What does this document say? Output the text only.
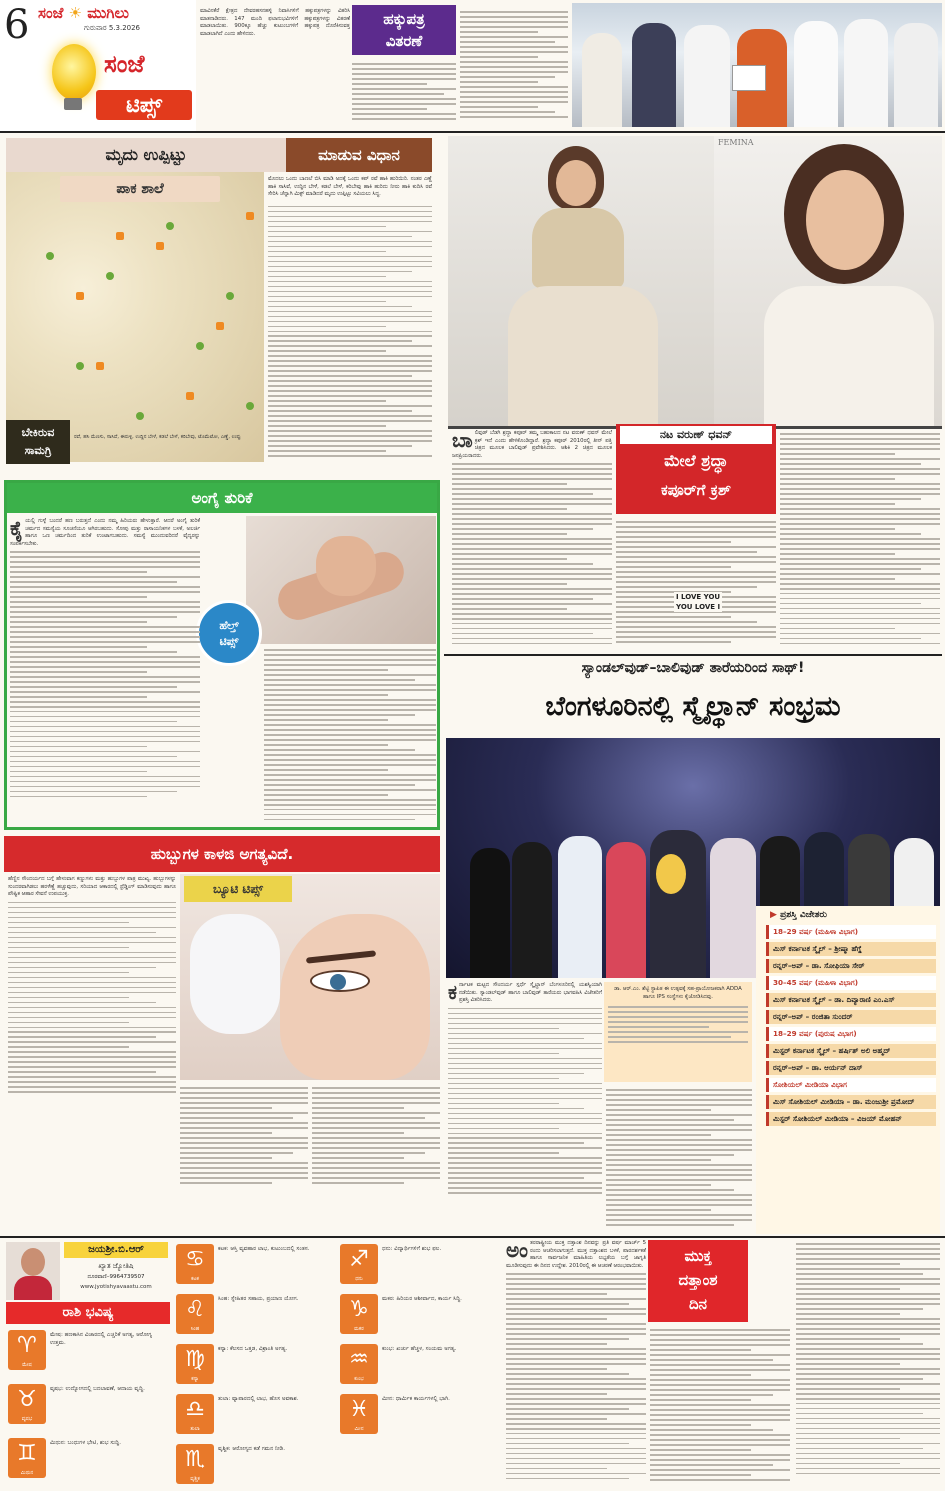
6 ಸಂಜೆ ☀ ಮುಗಿಲು
ಗುರುವಾರ 5.3.2026
ಸಂಜೆ
ಟಿಪ್ಸ್
ಮಾವಿನಕೆರೆ ಕ್ಷೇತ್ರದ ದೇವರಹಸನಹಳ್ಳಿ ನಿವಾಸಿಗಳಿಗೆ ಹಕ್ಕುಪತ್ರಗಳನ್ನು ವಿತರಿಸಿ ಮಾತನಾಡಿದರು. 147 ಮಂದಿ ಫಲಾನುಭವಿಗಳಿಗೆ ಹಕ್ಕುಪತ್ರಗಳನ್ನು ವಿತರಣೆ ಮಾಡಲಾಯಿತು. 900ಕ್ಕೂ ಹೆಚ್ಚು ಕುಟುಂಬಗಳಿಗೆ ಹಕ್ಕುಪತ್ರ ದೊರೆಕಿಸುವತ್ತ ಮಾಡಲಾಗಿದೆ ಎಂದು ಹೇಳಿದರು.
ಹಕ್ಕುಪತ್ರ
ವಿತರಣೆ
ಮೃದು ಉಪ್ಪಿಟ್ಟು	ಮಾಡುವ ವಿಧಾನ
ಪಾಕ ಶಾಲೆ
ಬೇಕಿರುವ
ಸಾಮಗ್ರಿ
ರವೆ, ಹಸಿ ಮೆಣಸು, ಸಾಸಿವೆ, ಈರುಳ್ಳಿ, ಉದ್ದಿನ ಬೇಳೆ, ಕಡಲೆ ಬೇಳೆ, ಕರಿಬೇವು, ಟೊಮೆಟೋ, ಎಣ್ಣೆ, ಉಪ್ಪು
ಮೊದಲು ಒಂದು ಬಾಣಲೆ ಬಿಸಿ ಮಾಡಿ ಅದಕ್ಕೆ ಒಂದು ಕಪ್ ರವೆ ಹಾಕಿ ಹುರಿಯಿರಿ. ನಂತರ ಎಣ್ಣೆ ಹಾಕಿ ಸಾಸಿವೆ, ಉದ್ದಿನ ಬೇಳೆ, ಕಡಲೆ ಬೇಳೆ, ಕರಿಬೇವು ಹಾಕಿ ಹುರಿದು ನೀರು ಹಾಕಿ ಕುದಿಸಿ ರವೆ ಸೇರಿಸಿ ಚೆನ್ನಾಗಿ ಮಿಕ್ಸ್ ಮಾಡಿದರೆ ಮೃದು ಉಪ್ಪಿಟ್ಟು ಸವಿಯಲು ಸಿದ್ಧ.
FEMINA
ನಟ ವರುಣ್ ಧವನ್
ಮೇಲೆ ಶ್ರದ್ಧಾ
ಕಪೂರ್‌ಗೆ ಕ್ರಶ್
ಬಾಲಿವುಡ್ ಬೆಡಗಿ ಶ್ರದ್ಧಾ ಕಪೂರ್ ತಮ್ಮ ಬಹುಕಾಲದ ನಟ ವರುಣ್ ಧವನ್ ಮೇಲೆ ಕ್ರಶ್ ಇದೆ ಎಂದು ಹೇಳಿಕೊಂಡಿದ್ದಾರೆ. ಶ್ರದ್ಧಾ ಕಪೂರ್ 2010ರಲ್ಲಿ ತೀನ್ ಪತ್ತಿ ಚಿತ್ರದ ಮೂಲಕ ಬಾಲಿವುಡ್ ಪ್ರವೇಶಿಸಿದರು. ಆಶಿಕಿ 2 ಚಿತ್ರದ ಮೂಲಕ ಜನಪ್ರಿಯರಾದರು.
I LOVE YOU
YOU LOVE I
ಅಂಗೈ ತುರಿಕೆ
ಹೆಲ್ತ್
ಟಿಪ್ಸ್
ಕೈಯಲ್ಲಿ ಗುಳ್ಳೆ ಬಂದರೆ ಹಣ ಬರುತ್ತದೆ ಎಂದು ನಮ್ಮ ಹಿರಿಯರು ಹೇಳುತ್ತಾರೆ. ಆದರೆ ಅಂಗೈ ತುರಿಕೆ ಚರ್ಮದ ಸಮಸ್ಯೆಯ ಸೂಚನೆಯೂ ಆಗಿರಬಹುದು. ಸೋಪು ಮತ್ತು ರಾಸಾಯನಿಕಗಳ ಬಳಕೆ, ಅಲರ್ಜಿ ಹಾಗೂ ಒಣ ಚರ್ಮದಿಂದ ತುರಿಕೆ ಉಂಟಾಗಬಹುದು. ಸಮಸ್ಯೆ ಮುಂದುವರಿದರೆ ವೈದ್ಯರನ್ನು ಸಂಪರ್ಕಿಸಬೇಕು.
ಹುಬ್ಬುಗಳ ಕಾಳಜಿ ಅಗತ್ಯವಿದೆ.
ಬ್ಯೂಟಿ ಟಿಪ್ಸ್
ಹೆಣ್ಣಿನ ಸೌಂದರ್ಯದ ಬಗ್ಗೆ ಹೇಳುವಾಗ ಕಣ್ಣುಗಳು ಮತ್ತು ಹುಬ್ಬುಗಳ ಪಾತ್ರ ಮುಖ್ಯ. ಹುಬ್ಬುಗಳನ್ನು ಸುಂದರವಾಗಿಡಲು ಹರಳೆಣ್ಣೆ ಹಚ್ಚುವುದು, ಸರಿಯಾದ ಆಕಾರದಲ್ಲಿ ಥ್ರೆಡ್ಡಿಂಗ್ ಮಾಡಿಸುವುದು ಹಾಗೂ ಪೌಷ್ಟಿಕ ಆಹಾರ ಸೇವನೆ ಉಪಯುಕ್ತ.
ಸ್ಯಾಂಡಲ್‌ವುಡ್–ಬಾಲಿವುಡ್ ತಾರೆಯರಿಂದ ಸಾಥ್!
ಬೆಂಗಳೂರಿನಲ್ಲಿ ಸ್ಮೈಲ್ಥಾನ್ ಸಂಭ್ರಮ
ಕರ್ನಾಟಕ ಮಟ್ಟದ ಸೌಂದರ್ಯ ಸ್ಪರ್ಧೆ ಸ್ಮೈಲ್ಥಾನ್ ಬೆಂಗಳೂರಿನಲ್ಲಿ ಯಶಸ್ವಿಯಾಗಿ ನಡೆಯಿತು. ಸ್ಯಾಂಡಲ್‌ವುಡ್ ಹಾಗೂ ಬಾಲಿವುಡ್ ತಾರೆಯರು ಭಾಗವಹಿಸಿ ವಿಜೇತರಿಗೆ ಪ್ರಶಸ್ತಿ ವಿತರಿಸಿದರು.
ಡಾ. ಆರ್.ಎಂ. ಶೆಟ್ಟಿ ಸ್ಥಾಪಿತ ಈ ಉತ್ಸವಕ್ಕೆ ಸಹ-ಪ್ರಾಯೋಜಕರಾಗಿ ADDA ಹಾಗೂ IPS ಸಂಸ್ಥೆಗಳು ಕೈಜೋಡಿಸಿದವು.
▶ ಪ್ರಶಸ್ತಿ ವಿಜೇತರು
18–29 ವರ್ಷ (ಮಹಿಳಾ ವಿಭಾಗ)
ಮಿಸ್ ಕರ್ನಾಟಕ ಸ್ಮೈಲ್ – ಶ್ರೀಷ್ಮಾ ಹೆಗ್ಡೆ
ರನ್ನರ್–ಅಪ್ – ಡಾ. ಸೋಫಿಯಾ ಸೇಠ್
30–45 ವರ್ಷ (ಮಹಿಳಾ ವಿಭಾಗ)
ಮಿಸ್ ಕರ್ನಾಟಕ ಸ್ಮೈಲ್ – ಡಾ. ದಿವ್ಯಾರಾಣಿ ಎಂ.ಎಸ್
ರನ್ನರ್–ಅಪ್ – ರಂಜಿತಾ ಸುಂದರ್
18–29 ವರ್ಷ (ಪುರುಷ ವಿಭಾಗ)
ಮಿಸ್ಟರ್ ಕರ್ನಾಟಕ ಸ್ಮೈಲ್ – ಹರ್ಷಿತ್ ಅಲಿ ಅಹ್ಮದ್
ರನ್ನರ್–ಅಪ್ – ಡಾ. ಆರ್ಯನ್ ದಾಸ್
ಸೋಶಿಯಲ್ ಮೀಡಿಯಾ ವಿಭಾಗ
ಮಿಸ್ ಸೋಶಿಯಲ್ ಮೀಡಿಯಾ – ಡಾ. ಮಂಜುಶ್ರೀ ಪ್ರಮೋದ್
ಮಿಸ್ಟರ್ ಸೋಶಿಯಲ್ ಮೀಡಿಯಾ – ವಿಜಯ್ ಮೋಹನ್
ಜಯಶ್ರೀ.ಬಿ.ಆರ್
ಖ್ಯಾತ ಜ್ಯೋತಿಷಿ
ದೂರವಾಣಿ–9964739507
www.jyotishyavaastu.com
ರಾಶಿ ಭವಿಷ್ಯ
♈
ಮೇಷ
ಮೇಷ: ಹಣಕಾಸಿನ ವಿಚಾರದಲ್ಲಿ ಎಚ್ಚರಿಕೆ ಅಗತ್ಯ, ಆರೋಗ್ಯ ಉತ್ತಮ.
♉
ವೃಷಭ
ವೃಷಭ: ಉದ್ಯೋಗದಲ್ಲಿ ಬದಲಾವಣೆ, ಆದಾಯ ವೃದ್ಧಿ.
♊
ಮಿಥುನ
ಮಿಥುನ: ಬಂಧುಗಳ ಭೇಟಿ, ಶುಭ ಸುದ್ದಿ.
♋
ಕಟಕ
ಕಟಕ: ಆಸ್ತಿ ವ್ಯವಹಾರ ಲಾಭ, ಕುಟುಂಬದಲ್ಲಿ ಸಂತಸ.
♌
ಸಿಂಹ
ಸಿಂಹ: ಸ್ನೇಹಿತರ ಸಹಾಯ, ಪ್ರಯಾಣ ಯೋಗ.
♍
ಕನ್ಯಾ
ಕನ್ಯಾ: ಕೆಲಸದ ಒತ್ತಡ, ವಿಶ್ರಾಂತಿ ಅಗತ್ಯ.
♎
ತುಲಾ
ತುಲಾ: ವ್ಯಾಪಾರದಲ್ಲಿ ಲಾಭ, ಹೊಸ ಅವಕಾಶ.
♏
ವೃಶ್ಚಿಕ
ವೃಶ್ಚಿಕ: ಆರೋಗ್ಯದ ಕಡೆ ಗಮನ ನೀಡಿ.
♐
ಧನು
ಧನು: ವಿದ್ಯಾರ್ಥಿಗಳಿಗೆ ಶುಭ ಫಲ.
♑
ಮಕರ
ಮಕರ: ಹಿರಿಯರ ಆಶೀರ್ವಾದ, ಕಾರ್ಯ ಸಿದ್ಧಿ.
♒
ಕುಂಭ
ಕುಂಭ: ಖರ್ಚು ಹೆಚ್ಚಳ, ಸಂಯಮ ಅಗತ್ಯ.
♓
ಮೀನ
ಮೀನ: ಧಾರ್ಮಿಕ ಕಾರ್ಯಗಳಲ್ಲಿ ಭಾಗಿ.
ಅಂತರರಾಷ್ಟ್ರೀಯ ಮುಕ್ತ ದತ್ತಾಂಶ ದಿನವನ್ನು ಪ್ರತಿ ವರ್ಷ ಮಾರ್ಚ್ 5 ರಂದು ಆಚರಿಸಲಾಗುತ್ತದೆ. ಮುಕ್ತ ದತ್ತಾಂಶದ ಬಳಕೆ, ಪಾರದರ್ಶಕತೆ ಹಾಗೂ ಸಾರ್ವಜನಿಕ ಮಾಹಿತಿಯ ಲಭ್ಯತೆಯ ಬಗ್ಗೆ ಜಾಗೃತಿ ಮೂಡಿಸುವುದು ಈ ದಿನದ ಉದ್ದೇಶ. 2010ರಲ್ಲಿ ಈ ಆಚರಣೆ ಆರಂಭವಾಯಿತು.
ಮುಕ್ತ
ದತ್ತಾಂಶ
ದಿನ
